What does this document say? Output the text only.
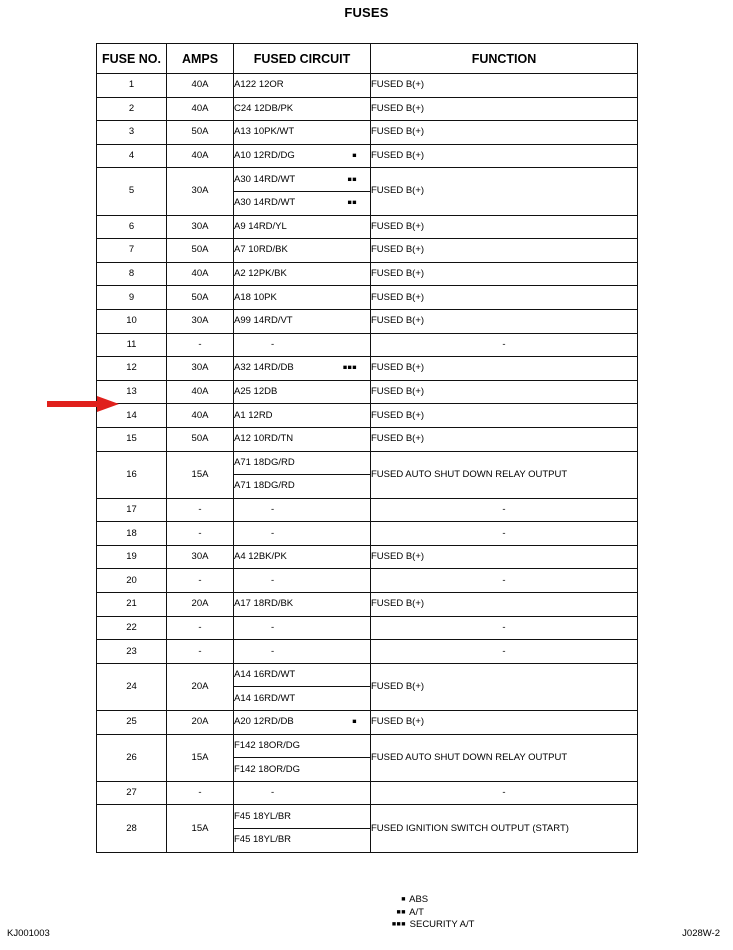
FUSES
FUSE NO.	AMPS	FUSED CIRCUIT	FUNCTION
1	40A	A122 12OR	FUSED B(+)
2	40A	C24 12DB/PK	FUSED B(+)
3	50A	A13 10PK/WT	FUSED B(+)
4	40A	A10 12RD/DG ■	FUSED B(+)
5	30A	A30 14RD/WT ■■	FUSED B(+)
		A30 14RD/WT ■■	

6	30A	A9 14RD/YL	FUSED B(+)
7	50A	A7 10RD/BK	FUSED B(+)
8	40A	A2 12PK/BK	FUSED B(+)
9	50A	A18 10PK	FUSED B(+)
10	30A	A99 14RD/VT	FUSED B(+)
11	-	-	-
12	30A	A32 14RD/DB ■■■	FUSED B(+)
13	40A	A25 12DB	FUSED B(+)
14	40A	A1 12RD	FUSED B(+)
15	50A	A12 10RD/TN	FUSED B(+)
16	15A	A71 18DG/RD	FUSED AUTO SHUT DOWN RELAY OUTPUT
		A71 18DG/RD	
17	-	-	-
18	-	-	-
19	30A	A4 12BK/PK	FUSED B(+)
20	-	-	-
21	20A	A17 18RD/BK	FUSED B(+)
22	-	-	-
23	-	-	-
24	20A	A14 16RD/WT	FUSED B(+)
		A14 16RD/WT	
25	20A	A20 12RD/DB ■	FUSED B(+)
26	15A	F142 18OR/DG	FUSED AUTO SHUT DOWN RELAY OUTPUT
		F142 18OR/DG	
27	-	-	-
28	15A	F45 18YL/BR	FUSED IGNITION SWITCH OUTPUT (START)
		F45 18YL/BR	
■ ABS
■■ A/T
■■■ SECURITY A/T
KJ001003	J028W-2
